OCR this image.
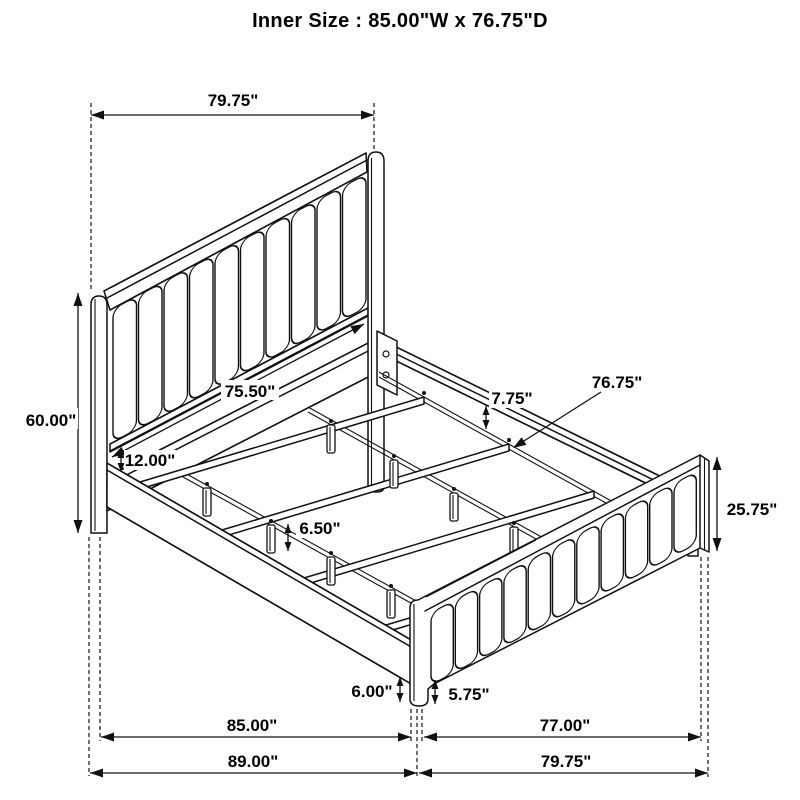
Inner Size : 85.00"W x 76.75"D
79.75"
60.00"
75.50"
12.00"
7.75"
76.75"
6.50"
25.75"
6.00"	5.75"
85.00"
89.00"
77.00"
79.75"
